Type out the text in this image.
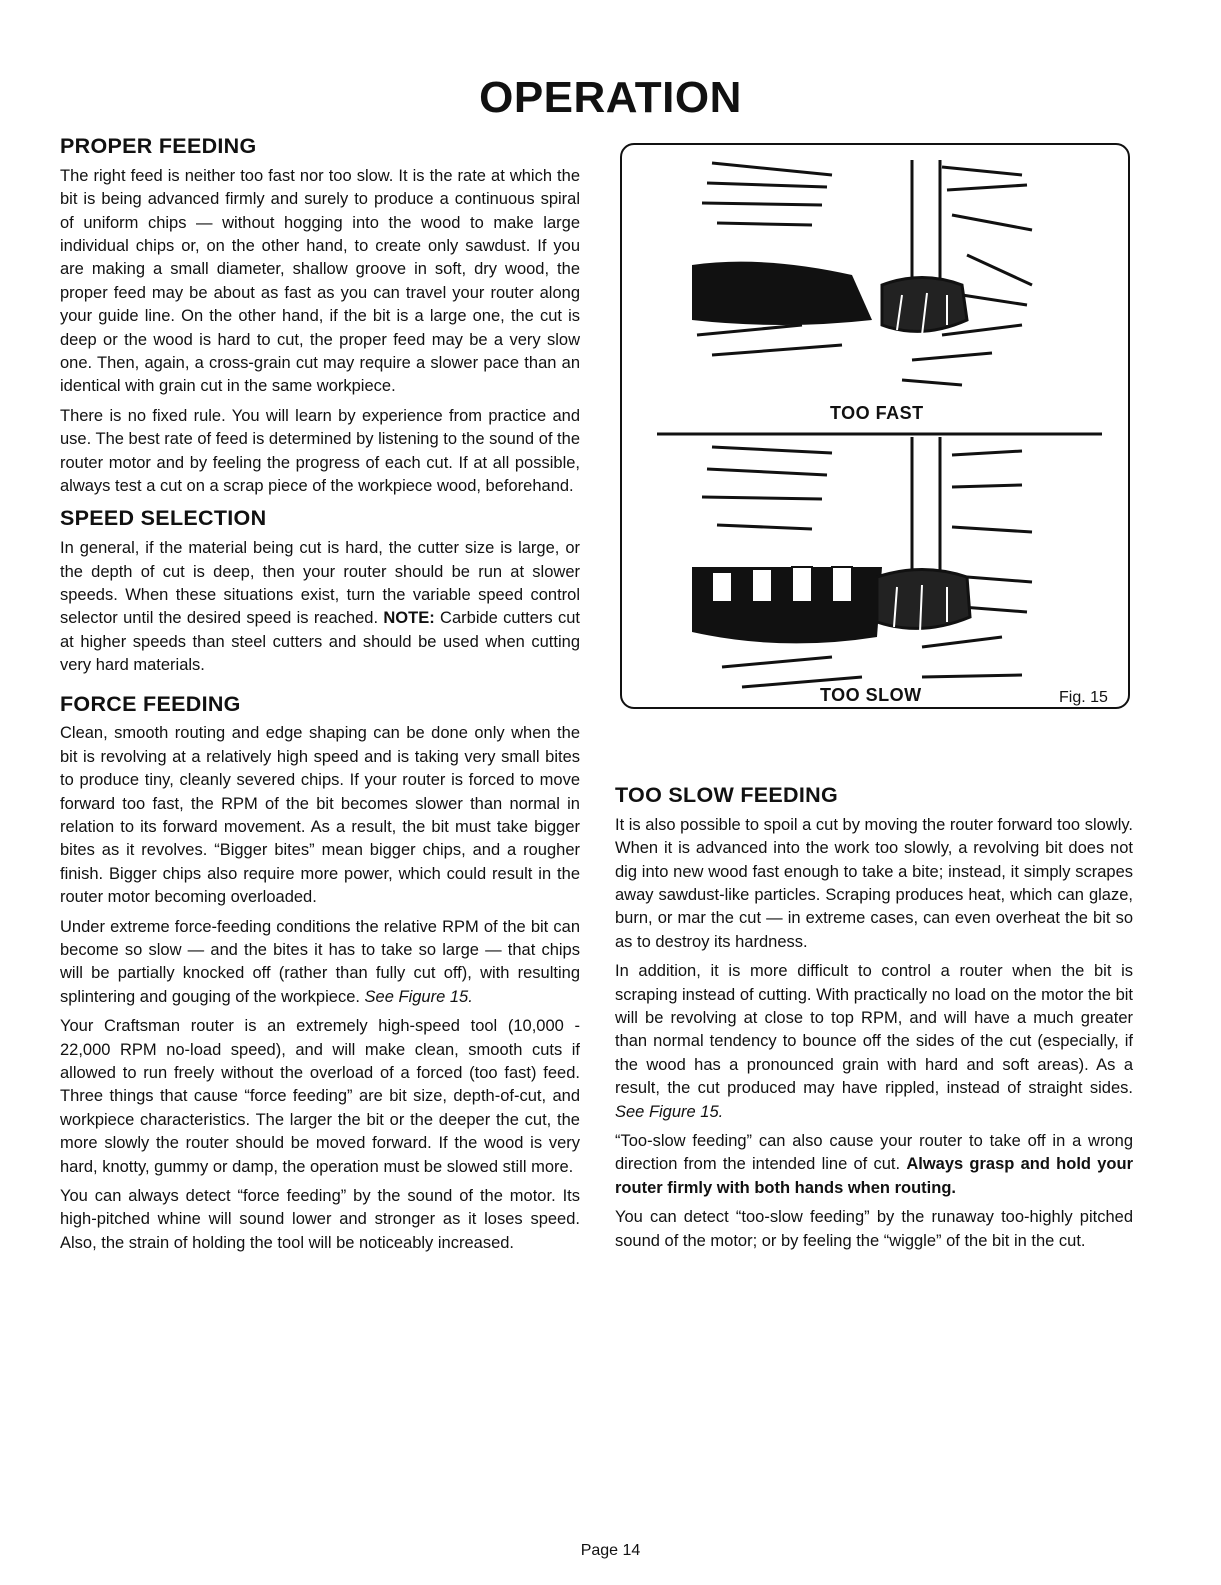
OPERATION
PROPER FEEDING

The right feed is neither too fast nor too slow. It is the rate at which the bit is being advanced firmly and surely to produce a continuous spiral of uniform chips — without hogging into the wood to make large individual chips or, on the other hand, to create only sawdust. If you are making a small diameter, shallow groove in soft, dry wood, the proper feed may be about as fast as you can travel your router along your guide line. On the other hand, if the bit is a large one, the cut is deep or the wood is hard to cut, the proper feed may be a very slow one. Then, again, a cross-grain cut may require a slower pace than an identical with grain cut in the same workpiece.

There is no fixed rule. You will learn by experience from practice and use. The best rate of feed is determined by listening to the sound of the router motor and by feeling the progress of each cut. If at all possible, always test a cut on a scrap piece of the workpiece wood, beforehand.

SPEED SELECTION

In general, if the material being cut is hard, the cutter size is large, or the depth of cut is deep, then your router should be run at slower speeds. When these situations exist, turn the variable speed control selector until the desired speed is reached. NOTE: Carbide cutters cut at higher speeds than steel cutters and should be used when cutting very hard materials.

FORCE FEEDING

Clean, smooth routing and edge shaping can be done only when the bit is revolving at a relatively high speed and is taking very small bites to produce tiny, cleanly severed chips. If your router is forced to move forward too fast, the RPM of the bit becomes slower than normal in relation to its forward movement. As a result, the bit must take bigger bites as it revolves. “Bigger bites” mean bigger chips, and a rougher finish. Bigger chips also require more power, which could result in the router motor becoming overloaded.

Under extreme force-feeding conditions the relative RPM of the bit can become so slow — and the bites it has to take so large — that chips will be partially knocked off (rather than fully cut off), with resulting splintering and gouging of the workpiece. See Figure 15.

Your Craftsman router is an extremely high-speed tool (10,000 - 22,000 RPM no-load speed), and will make clean, smooth cuts if allowed to run freely without the overload of a forced (too fast) feed. Three things that cause “force feeding” are bit size, depth-of-cut, and workpiece characteristics. The larger the bit or the deeper the cut, the more slowly the router should be moved forward. If the wood is very hard, knotty, gummy or damp, the operation must be slowed still more.

You can always detect “force feeding” by the sound of the motor. Its high-pitched whine will sound lower and stronger as it loses speed. Also, the strain of holding the tool will be noticeably increased.

TOO FAST
TOO SLOW	Fig. 15
TOO SLOW FEEDING

It is also possible to spoil a cut by moving the router forward too slowly. When it is advanced into the work too slowly, a revolving bit does not dig into new wood fast enough to take a bite; instead, it simply scrapes away sawdust-like particles. Scraping produces heat, which can glaze, burn, or mar the cut — in extreme cases, can even overheat the bit so as to destroy its hardness.

In addition, it is more difficult to control a router when the bit is scraping instead of cutting. With practically no load on the motor the bit will be revolving at close to top RPM, and will have a much greater than normal tendency to bounce off the sides of the cut (especially, if the wood has a pronounced grain with hard and soft areas). As a result, the cut produced may have rippled, instead of straight sides. See Figure 15.

“Too-slow feeding” can also cause your router to take off in a wrong direction from the intended line of cut. Always grasp and hold your router firmly with both hands when routing.

You can detect “too-slow feeding” by the runaway too-highly pitched sound of the motor; or by feeling the “wiggle” of the bit in the cut.

Page 14
